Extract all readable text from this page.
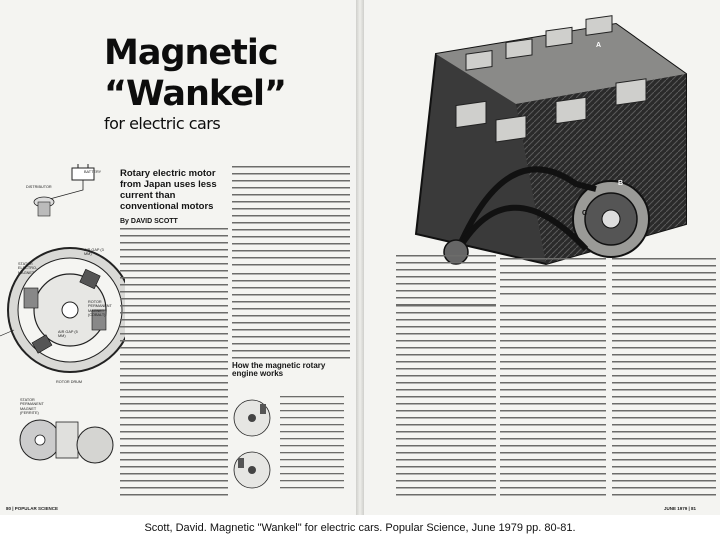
Magnetic
“Wankel”
for electric cars
BATTERY
DISTRIBUTOR
AIR GAP (3 MM)
STATOR ELECTRO-MAGNET
ROTOR PERMANENT MAGNET (COBALT)
AIR GAP (5 MM)
ROTOR DRUM
STATOR PERMANENT MAGNET (FERRITE)
Rotary electric motor from Japan uses less current than conventional motors
By DAVID SCOTT
How the magnetic rotary engine works
80 | POPULAR SCIENCE
A
B
C
JUNE 1979 | 81
Scott, David. Magnetic "Wankel" for electric cars. Popular Science, June 1979 pp. 80-81.
